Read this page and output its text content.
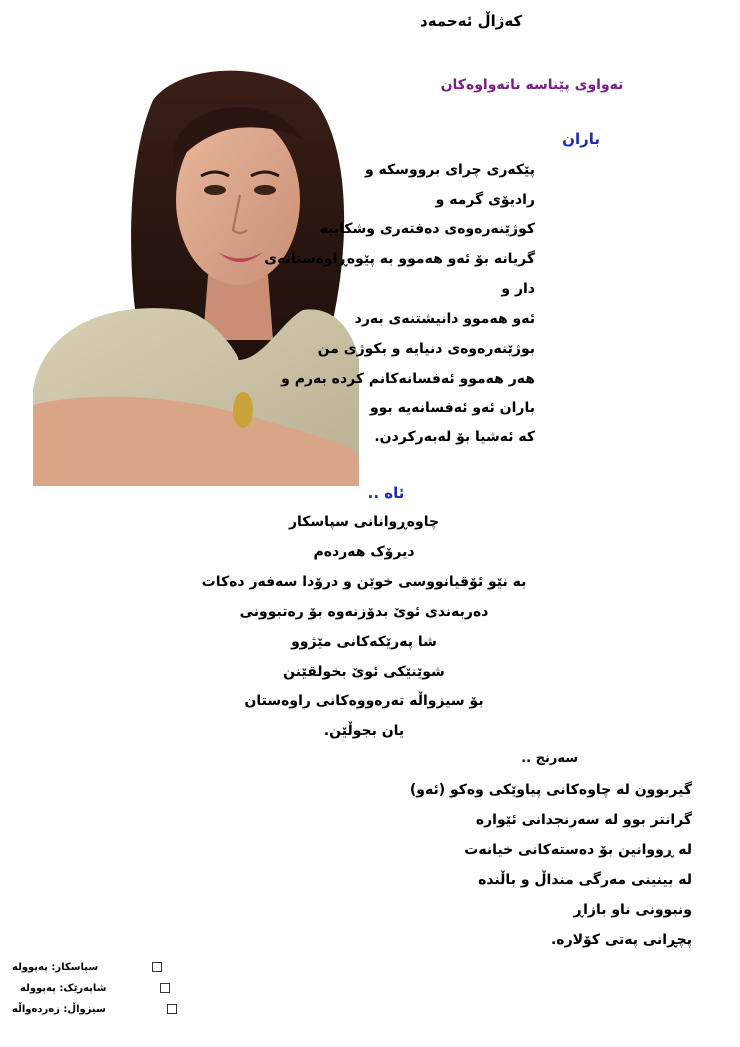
کەژاڵ ئەحمەد
تەواوی پێناسە ناتەواوەکان
باران
پێکەری چرای برووسکە و
رادیۆی گرمە و
کوژێنەرەوەی دەفتەری وشکاییە
گریانە بۆ ئەو هەموو بە پێوەڕاوەستانەی
دار و
ئەو هەموو دانیشتنەی بەرد
بوژێنەرەوەی دنیایە و بکوژی من
هەر هەموو ئەفسانەکانم کردە بەرم و
باران ئەو ئەفسانەیە بوو
کە ئەشیا بۆ لەبەرکردن.
ئاه ..
چاوەڕوانانی سپاسکار
دیرۆک هەردەم
بە نێو ئۆقیانووسی خوێن و درۆدا سەفەر دەکات
دەربەندی ئوێ بدۆزنەوە بۆ رەتبوونی
شا پەرێکەکانی مێژوو
شوێنێکی ئوێ بخولقێنن
بۆ سیزواڵە تەرەووەکانی راوەستان
یان بجوڵێن.
سەرنج ..
گیربوون لە چاوەکانی پیاوێکی وەکو (ئەو)
گرانتر بوو لە سەرنجدانی ئێوارە
لە ڕووانین بۆ دەستەکانی خیانەت
لە بینینی مەرگی منداڵ و باڵندە
ونبوونی ناو بازاڕ
پچڕانی پەتی کۆلارە.
سپاسکار: پەپوولە
شاپەرێک: پەپوولە
سیزواڵ: زەردەواڵە
